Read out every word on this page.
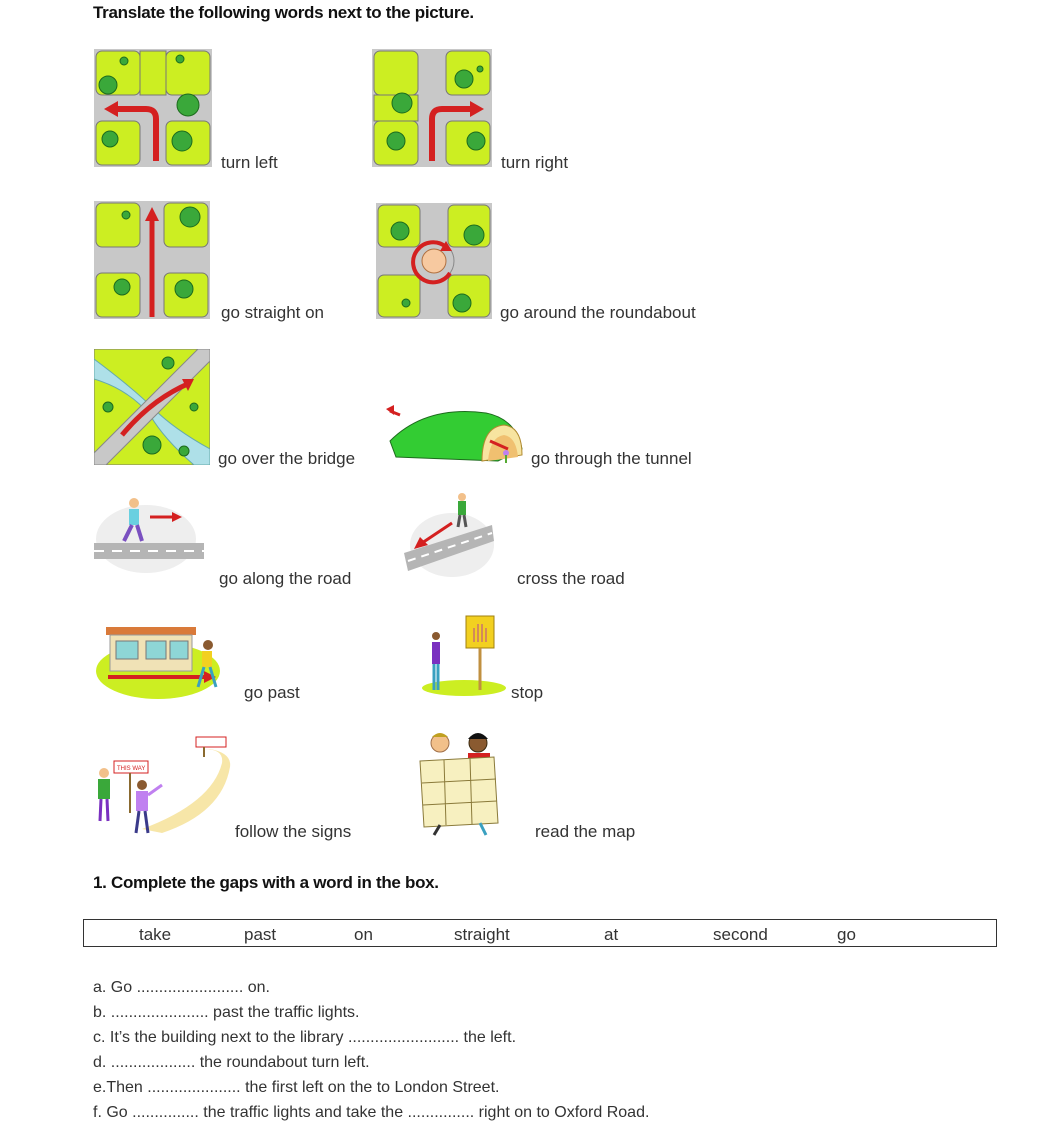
Translate the following words next to the picture.
turn left	turn right
go straight on	go around the roundabout
go over the bridge	go through the tunnel
go along the road	cross the road
go past	stop
THIS WAY
follow the signs	read the map
1. Complete the gaps with a word in the box.
take	past	on	straight	at	second	go
a. Go ........................ on.
b. ...................... past the traffic lights.
c. It’s the building next to the library ......................... the left.
d. ................... the roundabout turn left.
e.Then ..................... the first left on the to London Street.
f. Go ............... the traffic lights and take the ............... right on to Oxford Road.
